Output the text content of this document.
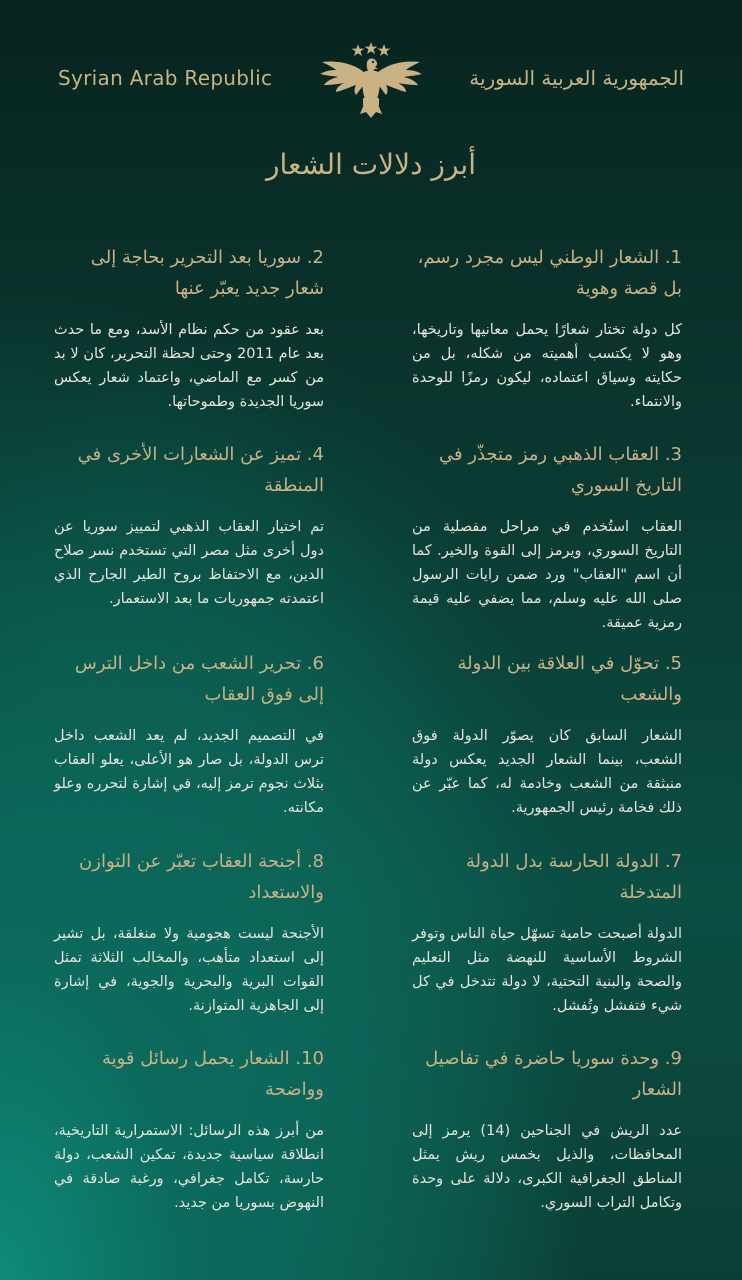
Syrian Arab Republic	الجمهورية العربية السورية
أبرز دلالات الشعار
1. الشعار الوطني ليس مجرد رسم، بل قصة وهوية

كل دولة تختار شعارًا يحمل معانيها وتاريخها، وهو لا يكتسب أهميته من شكله، بل من حكايته وسياق اعتماده، ليكون رمزًا للوحدة والانتماء.

2. سوريا بعد التحرير بحاجة إلى شعار جديد يعبّر عنها

بعد عقود من حكم نظام الأسد، ومع ما حدث بعد عام 2011 وحتى لحظة التحرير، كان لا بد من كسر مع الماضي، واعتماد شعار يعكس سوريا الجديدة وطموحاتها.

3. العقاب الذهبي رمز متجذّر في التاريخ السوري

العقاب استُخدم في مراحل مفصلية من التاريخ السوري، ويرمز إلى القوة والخير. كما أن اسم "العقاب" ورد ضمن رايات الرسول صلى الله عليه وسلم، مما يضفي عليه قيمة رمزية عميقة.

4. تميز عن الشعارات الأخرى في المنطقة

تم اختيار العقاب الذهبي لتمييز سوريا عن دول أخرى مثل مصر التي تستخدم نسر صلاح الدين، مع الاحتفاظ بروح الطير الجارح الذي اعتمدته جمهوريات ما بعد الاستعمار.

5. تحوّل في العلاقة بين الدولة والشعب

الشعار السابق كان يصوّر الدولة فوق الشعب، بينما الشعار الجديد يعكس دولة منبثقة من الشعب وخادمة له، كما عبّر عن ذلك فخامة رئيس الجمهورية.

6. تحرير الشعب من داخل الترس إلى فوق العقاب

في التصميم الجديد، لم يعد الشعب داخل ترس الدولة، بل صار هو الأعلى، يعلو العقاب بثلاث نجوم ترمز إليه، في إشارة لتحرره وعلو مكانته.

7. الدولة الحارسة بدل الدولة المتدخلة

الدولة أصبحت حامية تسهّل حياة الناس وتوفر الشروط الأساسية للنهضة مثل التعليم والصحة والبنية التحتية، لا دولة تتدخل في كل شيء فتفشل وتُفشل.

8. أجنحة العقاب تعبّر عن التوازن والاستعداد

الأجنحة ليست هجومية ولا منغلقة، بل تشير إلى استعداد متأهب، والمخالب الثلاثة تمثل القوات البرية والبحرية والجوية، في إشارة إلى الجاهزية المتوازنة.

9. وحدة سوريا حاضرة في تفاصيل الشعار

عدد الريش في الجناحين (14) يرمز إلى المحافظات، والذيل بخمس ريش يمثل المناطق الجغرافية الكبرى، دلالة على وحدة وتكامل التراب السوري.

10. الشعار يحمل رسائل قوية وواضحة

من أبرز هذه الرسائل: الاستمرارية التاريخية، انطلاقة سياسية جديدة، تمكين الشعب، دولة حارسة، تكامل جغرافي، ورغبة صادقة في النهوض بسوريا من جديد.
